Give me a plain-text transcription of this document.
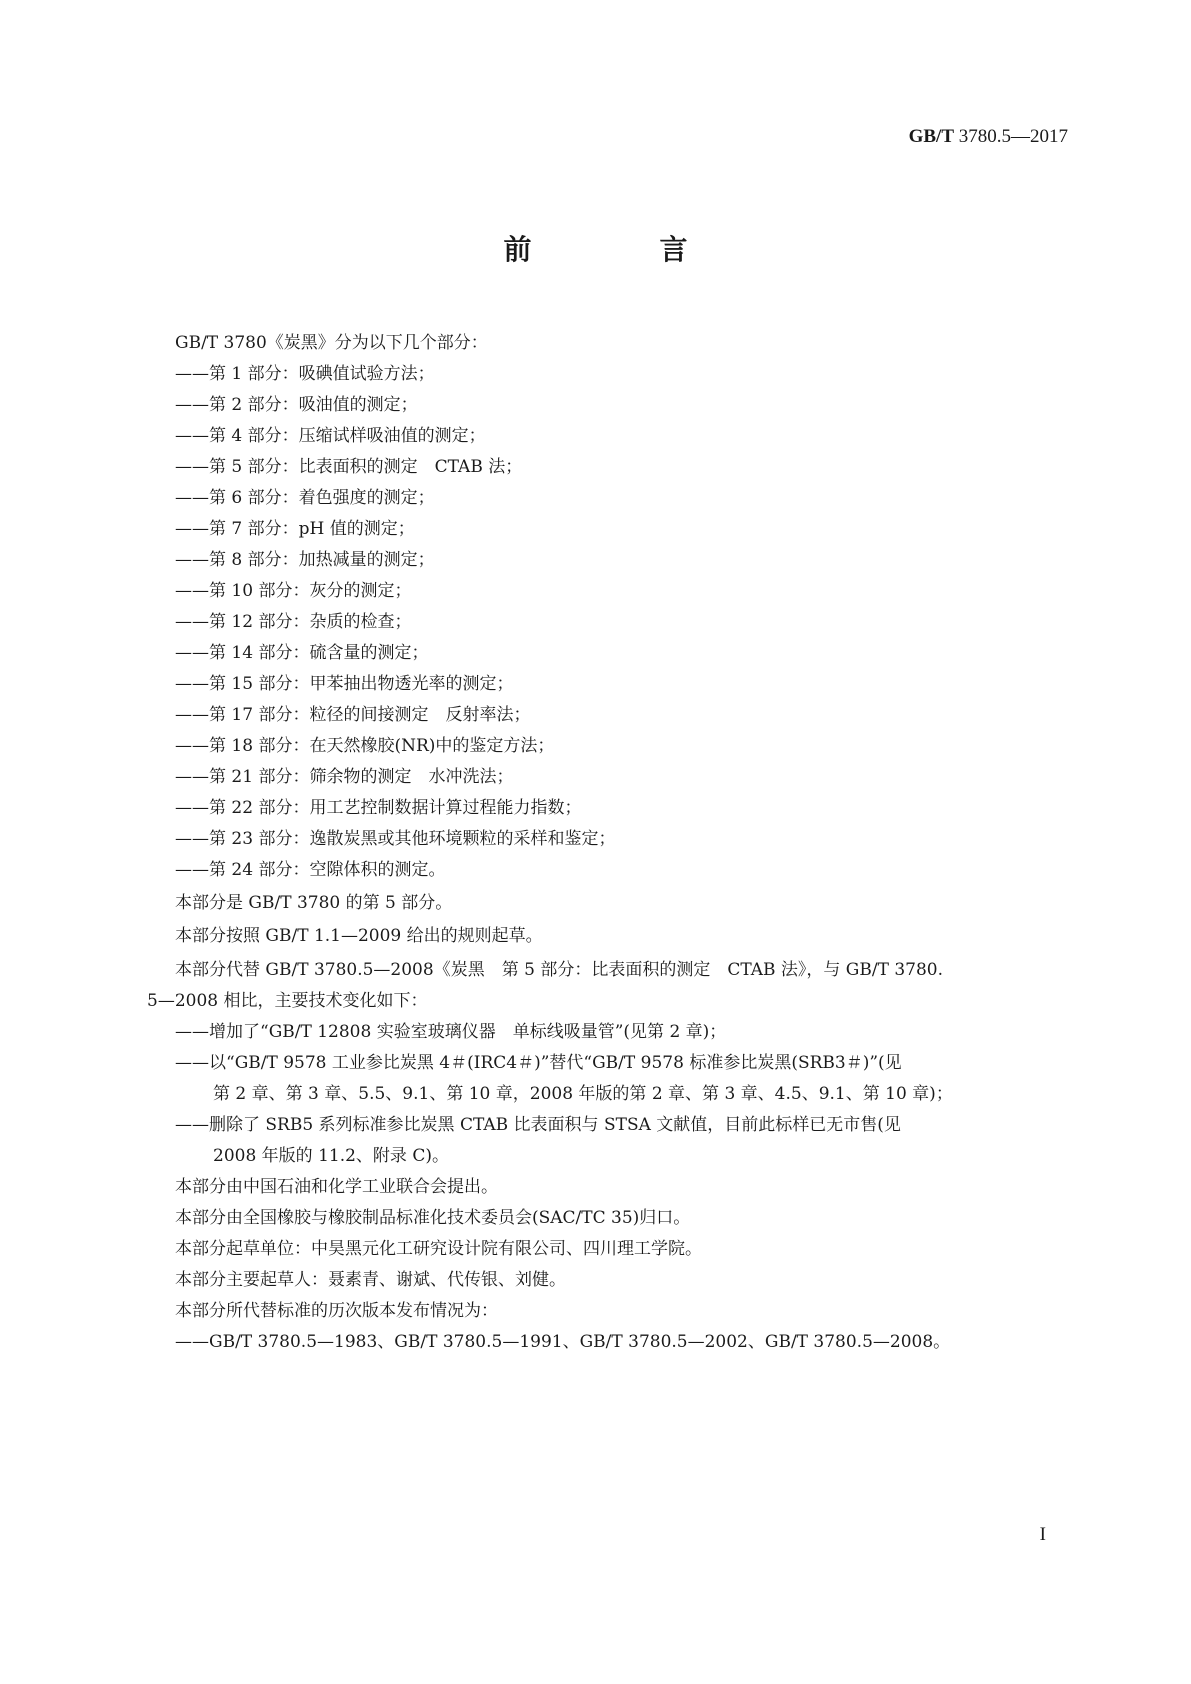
GB/T 3780.5—2017
前　言
GB/T 3780《炭黑》分为以下几个部分：
——第 1 部分：吸碘值试验方法；
——第 2 部分：吸油值的测定；
——第 4 部分：压缩试样吸油值的测定；
——第 5 部分：比表面积的测定　CTAB 法；
——第 6 部分：着色强度的测定；
——第 7 部分：pH 值的测定；
——第 8 部分：加热减量的测定；
——第 10 部分：灰分的测定；
——第 12 部分：杂质的检查；
——第 14 部分：硫含量的测定；
——第 15 部分：甲苯抽出物透光率的测定；
——第 17 部分：粒径的间接测定　反射率法；
——第 18 部分：在天然橡胶(NR)中的鉴定方法；
——第 21 部分：筛余物的测定　水冲洗法；
——第 22 部分：用工艺控制数据计算过程能力指数；
——第 23 部分：逸散炭黑或其他环境颗粒的采样和鉴定；
——第 24 部分：空隙体积的测定。
本部分是 GB/T 3780 的第 5 部分。
本部分按照 GB/T 1.1—2009 给出的规则起草。
本部分代替 GB/T 3780.5—2008《炭黑　第 5 部分：比表面积的测定　CTAB 法》，与 GB/T 3780.
5—2008 相比，主要技术变化如下：
——增加了“GB/T 12808 实验室玻璃仪器　单标线吸量管”(见第 2 章)；
——以“GB/T 9578 工业参比炭黑 4＃(IRC4＃)”替代“GB/T 9578 标准参比炭黑(SRB3＃)”(见
第 2 章、第 3 章、5.5、9.1、第 10 章，2008 年版的第 2 章、第 3 章、4.5、9.1、第 10 章)；
——删除了 SRB5 系列标准参比炭黑 CTAB 比表面积与 STSA 文献值，目前此标样已无市售(见
2008 年版的 11.2、附录 C)。
本部分由中国石油和化学工业联合会提出。
本部分由全国橡胶与橡胶制品标准化技术委员会(SAC/TC 35)归口。
本部分起草单位：中昊黑元化工研究设计院有限公司、四川理工学院。
本部分主要起草人：聂素青、谢斌、代传银、刘健。
本部分所代替标准的历次版本发布情况为：
——GB/T 3780.5—1983、GB/T 3780.5—1991、GB/T 3780.5—2002、GB/T 3780.5—2008。
I
